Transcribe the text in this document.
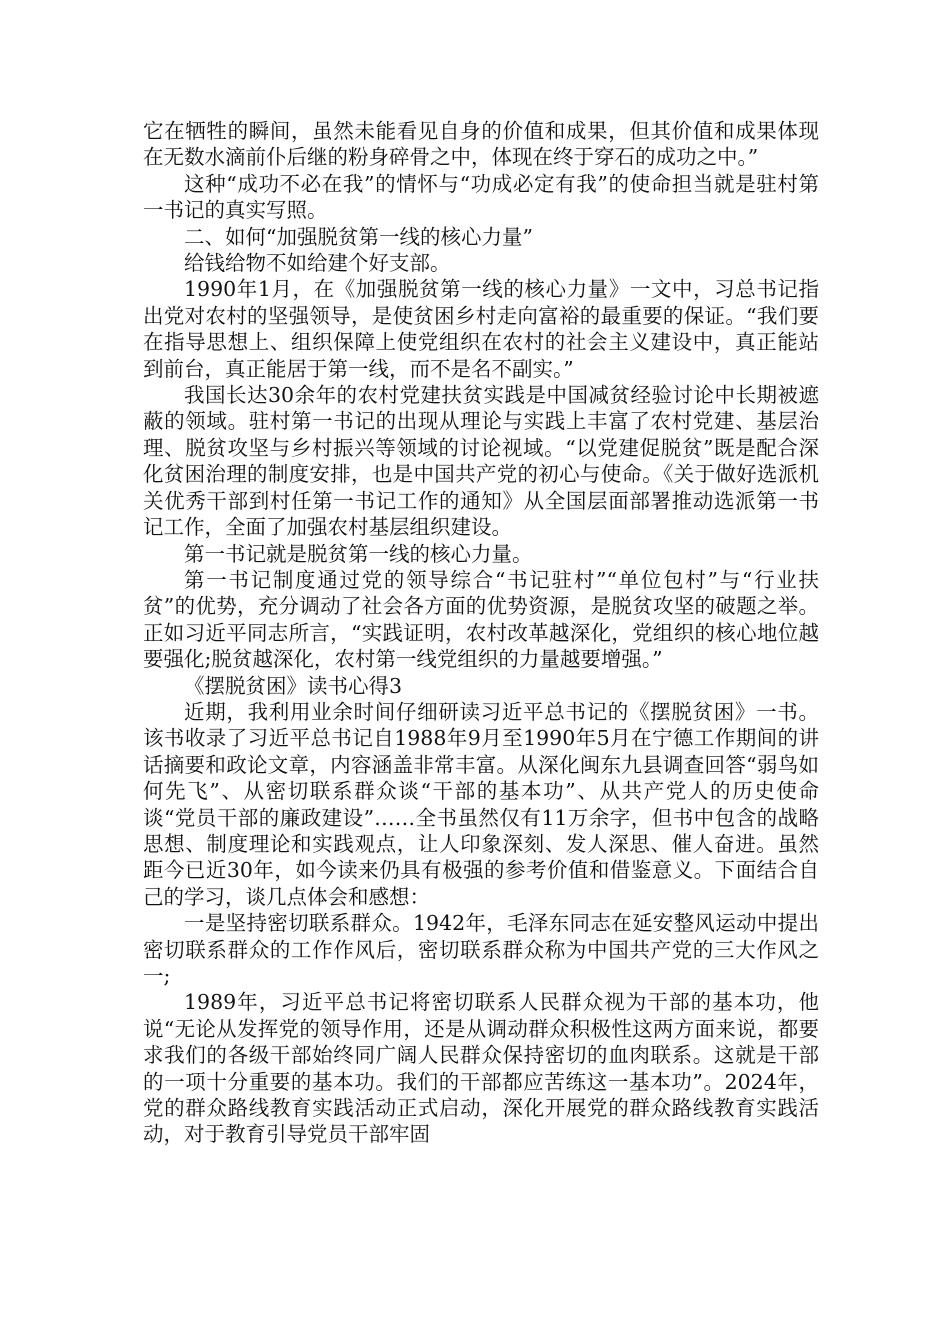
它在牺牲的瞬间，虽然未能看见自身的价值和成果，但其价值和成果体现在无数水滴前仆后继的粉身碎骨之中，体现在终于穿石的成功之中。”

这种“成功不必在我”的情怀与“功成必定有我”的使命担当就是驻村第一书记的真实写照。

二、如何“加强脱贫第一线的核心力量”

给钱给物不如给建个好支部。

1990年1月，在《加强脱贫第一线的核心力量》一文中，习总书记指出党对农村的坚强领导，是使贫困乡村走向富裕的最重要的保证。“我们要在指导思想上、组织保障上使党组织在农村的社会主义建设中，真正能站到前台，真正能居于第一线，而不是名不副实。”

我国长达30余年的农村党建扶贫实践是中国减贫经验讨论中长期被遮蔽的领域。驻村第一书记的出现从理论与实践上丰富了农村党建、基层治理、脱贫攻坚与乡村振兴等领域的讨论视域。“以党建促脱贫”既是配合深化贫困治理的制度安排，也是中国共产党的初心与使命。《关于做好选派机关优秀干部到村任第一书记工作的通知》从全国层面部署推动选派第一书记工作，全面了加强农村基层组织建设。

第一书记就是脱贫第一线的核心力量。

第一书记制度通过党的领导综合“书记驻村”“单位包村”与“行业扶贫”的优势，充分调动了社会各方面的优势资源，是脱贫攻坚的破题之举。正如习近平同志所言，“实践证明，农村改革越深化，党组织的核心地位越要强化;脱贫越深化，农村第一线党组织的力量越要增强。”

《摆脱贫困》读书心得3

近期，我利用业余时间仔细研读习近平总书记的《摆脱贫困》一书。该书收录了习近平总书记自1988年9月至1990年5月在宁德工作期间的讲话摘要和政论文章，内容涵盖非常丰富。从深化闽东九县调查回答“弱鸟如何先飞”、从密切联系群众谈“干部的基本功”、从共产党人的历史使命谈“党员干部的廉政建设”……全书虽然仅有11万余字，但书中包含的战略思想、制度理论和实践观点，让人印象深刻、发人深思、催人奋进。虽然距今已近30年，如今读来仍具有极强的参考价值和借鉴意义。下面结合自己的学习，谈几点体会和感想：

一是坚持密切联系群众。1942年，毛泽东同志在延安整风运动中提出密切联系群众的工作作风后，密切联系群众称为中国共产党的三大作风之一;

1989年，习近平总书记将密切联系人民群众视为干部的基本功，他说“无论从发挥党的领导作用，还是从调动群众积极性这两方面来说，都要求我们的各级干部始终同广阔人民群众保持密切的血肉联系。这就是干部的一项十分重要的基本功。我们的干部都应苦练这一基本功”。2024年，党的群众路线教育实践活动正式启动，深化开展党的群众路线教育实践活动，对于教育引导党员干部牢固
